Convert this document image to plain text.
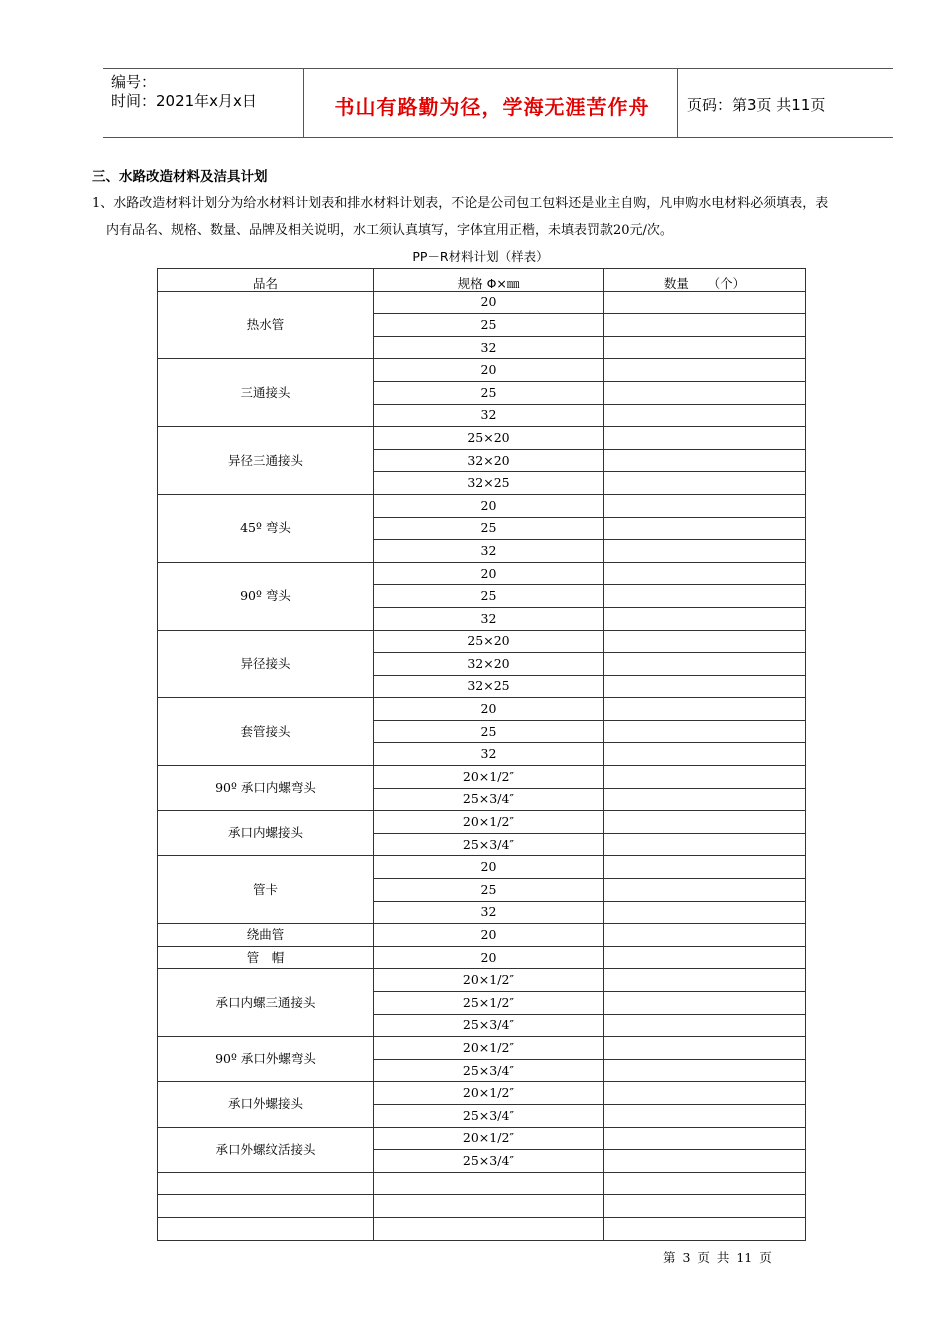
编号：
时间：2021年x月x日	书山有路勤为径，学海无涯苦作舟	页码：第3页 共11页
三、水路改造材料及洁具计划
1、水路改造材料计划分为给水材料计划表和排水材料计划表，不论是公司包工包料还是业主自购，凡申购水电材料必须填表，表
内有品名、规格、数量、品牌及相关说明，水工须认真填写，字体宜用正楷，未填表罚款20元/次。
PP－R材料计划（样表）
品名	规格 Φ×㎜	数量　　（个）
热水管	20	
	25	
	32	
三通接头	20	
	25	
	32	
异径三通接头	25×20	
	32×20	
	32×25	
45º 弯头	20	
	25	
	32	
90º 弯头	20	
	25	
	32	
异径接头	25×20	
	32×20	
	32×25	
套管接头	20	
	25	
	32	
90º 承口内螺弯头	20×1/2″	
	25×3/4″	
承口内螺接头	20×1/2″	
	25×3/4″	
管卡	20	
	25	
	32	
绕曲管	20	
管　帽	20	
承口内螺三通接头	20×1/2″	
	25×1/2″	
	25×3/4″	
90º 承口外螺弯头	20×1/2″	
	25×3/4″	
承口外螺接头	20×1/2″	
	25×3/4″	
承口外螺纹活接头	20×1/2″	
	25×3/4″	

第 3 页 共 11 页
